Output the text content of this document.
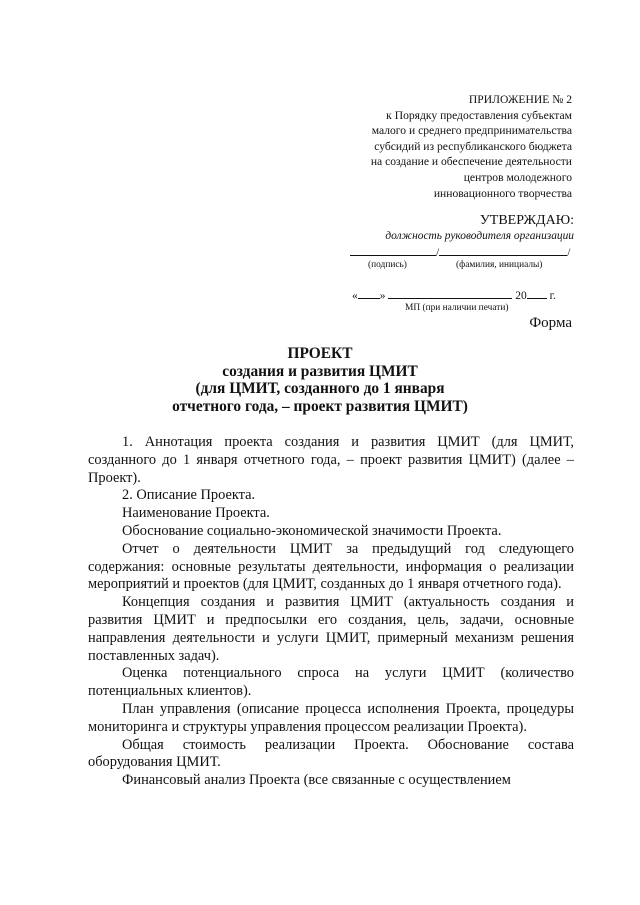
ПРИЛОЖЕНИЕ № 2
к Порядку предоставления субъектам
малого и среднего предпринимательства
субсидий из республиканского бюджета
на создание и обеспечение деятельности
центров молодежного
инновационного творчества
УТВЕРЖДАЮ:
должность руководителя организации
/	/
(подпись)	(фамилия, инициалы)
« »	20 г.
МП (при наличии печати)
Форма
ПРОЕКТ
создания и развития ЦМИТ
(для ЦМИТ, созданного до 1 января
отчетного года, – проект развития ЦМИТ)

1. Аннотация проекта создания и развития ЦМИТ (для ЦМИТ, созданного до 1 января отчетного года, – проект развития ЦМИТ) (далее – Проект).

2. Описание Проекта.

Наименование Проекта.

Обоснование социально-экономической значимости Проекта.

Отчет о деятельности ЦМИТ за предыдущий год следующего содержания: основные результаты деятельности, информация о реализации мероприятий и проектов (для ЦМИТ, созданных до 1 января отчетного года).

Концепция создания и развития ЦМИТ (актуальность создания и развития ЦМИТ и предпосылки его создания, цель, задачи, основные направления деятельности и услуги ЦМИТ, примерный механизм решения поставленных задач).

Оценка потенциального спроса на услуги ЦМИТ (количество потенциальных клиентов).

План управления (описание процесса исполнения Проекта, процедуры мониторинга и структуры управления процессом реализации Проекта).

Общая стоимость реализации Проекта. Обоснование состава оборудования ЦМИТ.

Финансовый анализ Проекта (все связанные с осуществлением
